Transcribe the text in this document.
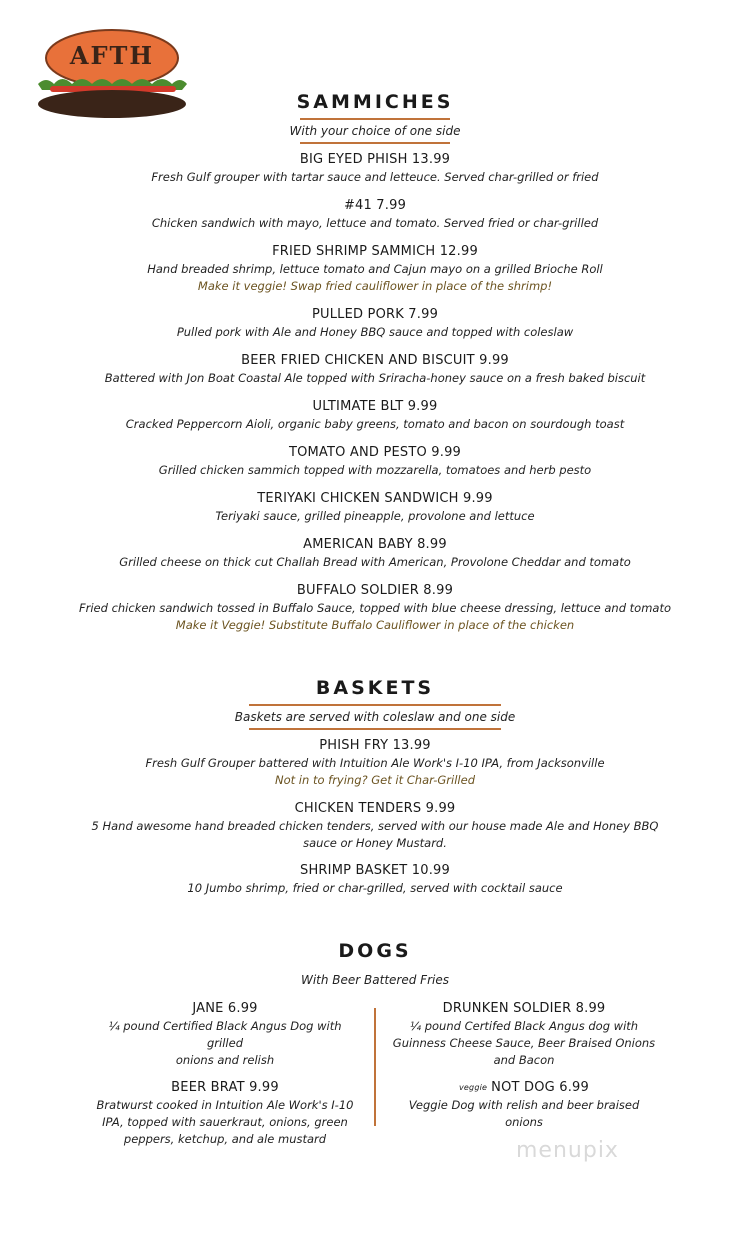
AFTH
SAMMICHES
With your choice of one side
BIG EYED PHISH 13.99
Fresh Gulf grouper with tartar sauce and letteuce. Served char-grilled or fried
#41 7.99
Chicken sandwich with mayo, lettuce and tomato. Served fried or char-grilled
FRIED SHRIMP SAMMICH 12.99
Hand breaded shrimp, lettuce tomato and Cajun mayo on a grilled Brioche Roll
Make it veggie! Swap fried cauliflower in place of the shrimp!
PULLED PORK 7.99
Pulled pork with Ale and Honey BBQ sauce and topped with coleslaw
BEER FRIED CHICKEN AND BISCUIT 9.99
Battered with Jon Boat Coastal Ale topped with Sriracha-honey sauce on a fresh baked biscuit
ULTIMATE BLT 9.99
Cracked Peppercorn Aioli, organic baby greens, tomato and bacon on sourdough toast
TOMATO AND PESTO 9.99
Grilled chicken sammich topped with mozzarella, tomatoes and herb pesto
TERIYAKI CHICKEN SANDWICH 9.99
Teriyaki sauce, grilled pineapple, provolone and lettuce
AMERICAN BABY 8.99
Grilled cheese on thick cut Challah Bread with American, Provolone Cheddar and tomato
BUFFALO SOLDIER 8.99
Fried chicken sandwich tossed in Buffalo Sauce, topped with blue cheese dressing, lettuce and tomato
Make it Veggie! Substitute Buffalo Cauliflower in place of the chicken
BASKETS
Baskets are served with coleslaw and one side
PHISH FRY 13.99
Fresh Gulf Grouper battered with Intuition Ale Work's I-10 IPA, from Jacksonville
Not in to frying? Get it Char-Grilled
CHICKEN TENDERS 9.99
5 Hand awesome hand breaded chicken tenders, served with our house made Ale and Honey BBQ
sauce or Honey Mustard.
SHRIMP BASKET 10.99
10 Jumbo shrimp, fried or char-grilled, served with cocktail sauce
DOGS
With Beer Battered Fries
JANE 6.99
¼ pound Certified Black Angus Dog with grilled
onions and relish
BEER BRAT 9.99
Bratwurst cooked in Intuition Ale Work's I-10
IPA, topped with sauerkraut, onions, green
peppers, ketchup, and ale mustard
DRUNKEN SOLDIER 8.99
¼ pound Certifed Black Angus dog with
Guinness Cheese Sauce, Beer Braised Onions
and Bacon
veggie NOT DOG 6.99
Veggie Dog with relish and beer braised onions
menupix
